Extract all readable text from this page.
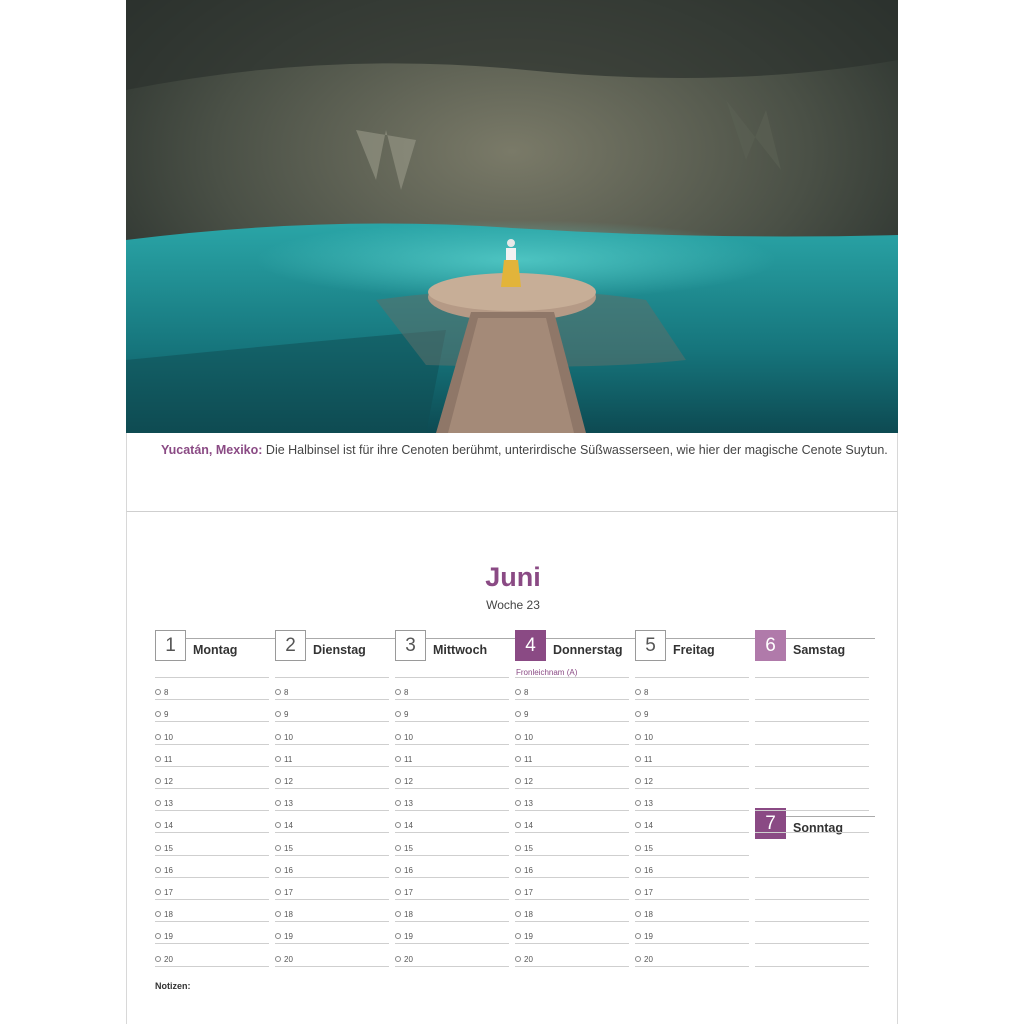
Yucatán, Mexiko: Die Halbinsel ist für ihre Cenoten berühmt, unterirdische Süßwasserseen, wie hier der magische Cenote Suytun.
Juni
Woche 23
1	Montag
8
9
10
11
12
13
14
15
16
17
18
19
20
2	Dienstag
8
9
10
11
12
13
14
15
16
17
18
19
20
3	Mittwoch
8
9
10
11
12
13
14
15
16
17
18
19
20
4	Donnerstag
Fronleichnam (A)
8
9
10
11
12
13
14
15
16
17
18
19
20
5	Freitag
8
9
10
11
12
13
14
15
16
17
18
19
20
6	Samstag
7	Sonntag
Notizen:
